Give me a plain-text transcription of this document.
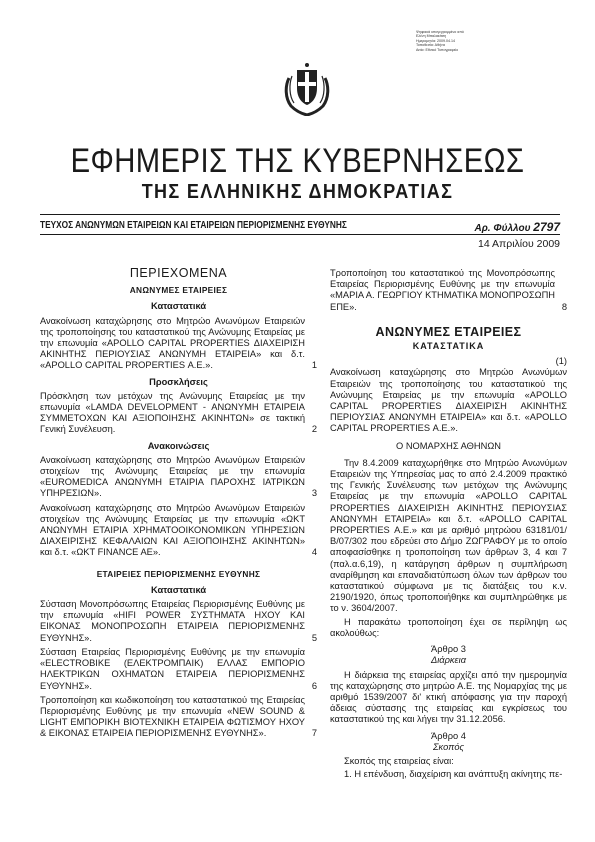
Ψηφιακά υπογεγραμμένο από
Ελένη Μπαλακίτση
Ημερομηνία: 2009.04.14
Τοποθεσία: Αθήνα
Αιτία: Εθνικό Τυπογραφείο
ΕΦΗΜΕΡΙΣ ΤΗΣ ΚΥΒΕΡΝΗΣΕΩΣ
ΤΗΣ ΕΛΛΗΝΙΚΗΣ ΔΗΜΟΚΡΑΤΙΑΣ
ΤΕΥΧΟΣ ΑΝΩΝΥΜΩΝ ΕΤΑΙΡΕΙΩΝ ΚΑΙ ΕΤΑΙΡΕΙΩΝ ΠΕΡΙΟΡΙΣΜΕΝΗΣ ΕΥΘΥΝΗΣ	Αρ. Φύλλου 2797
14 Απριλίου 2009
ΠΕΡΙΕΧΟΜΕΝΑ
ΑΝΩΝΥΜΕΣ ΕΤΑΙΡΕΙΕΣ
Καταστατικά
Ανακοίνωση καταχώρησης στο Μητρώο Ανωνύμων Εταιρειών της τροποποίησης του καταστατικού της Ανώνυμης Εταιρείας με την επωνυμία «APOLLO CAPITAL PROPERTIES ΔΙΑΧΕΙΡΙΣΗ ΑΚΙΝΗΤΗΣ ΠΕΡΙΟΥΣΙΑΣ ΑΝΩΝΥΜΗ ΕΤΑΙΡΕΙΑ» και δ.τ. «APOLLO CAPITAL PROPERTIES Α.Ε.».	1
Προσκλήσεις
Πρόσκληση των μετόχων της Ανώνυμης Εταιρείας με την επωνυμία «LAMDA DEVELOPMENT - ΑΝΩΝΥΜΗ ΕΤΑΙΡΕΙΑ ΣΥΜΜΕΤΟΧΩΝ ΚΑΙ ΑΞΙΟΠΟΙΗΣΗΣ ΑΚΙΝΗΤΩΝ» σε τακτική Γενική Συνέλευση.	2
Ανακοινώσεις
Ανακοίνωση καταχώρησης στο Μητρώο Ανωνύμων Εταιρειών στοιχείων της Ανώνυμης Εταιρείας με την επωνυμία «EUROMEDICA ΑΝΩΝΥΜΗ ΕΤΑΙΡΙΑ ΠΑΡΟΧΗΣ ΙΑΤΡΙΚΩΝ ΥΠΗΡΕΣΙΩΝ».	3
Ανακοίνωση καταχώρησης στο Μητρώο Ανωνύμων Εταιρειών στοιχείων της Ανώνυμης Εταιρείας με την επωνυμία «ΩΚΤ ΑΝΩΝΥΜΗ ΕΤΑΙΡΙΑ ΧΡΗΜΑΤΟΟΙΚΟΝΟΜΙΚΩΝ ΥΠΗΡΕΣΙΩΝ ΔΙΑΧΕΙΡΙΣΗΣ ΚΕΦΑΛΑΙΩΝ ΚΑΙ ΑΞΙΟΠΟΙΗΣΗΣ ΑΚΙΝΗΤΩΝ» και δ.τ. «ΩΚΤ FINANCE AE».	4
ΕΤΑΙΡΕΙΕΣ ΠΕΡΙΟΡΙΣΜΕΝΗΣ ΕΥΘΥΝΗΣ
Καταστατικά
Σύσταση Μονοπρόσωπης Εταιρείας Περιορισμένης Ευθύνης με την επωνυμία «HIFI POWER ΣΥΣΤΗΜΑΤΑ ΗΧΟΥ ΚΑΙ ΕΙΚΟΝΑΣ ΜΟΝΟΠΡΟΣΩΠΗ ΕΤΑΙΡΕΙΑ ΠΕΡΙΟΡΙΣΜΕΝΗΣ ΕΥΘΥΝΗΣ».	5
Σύσταση Εταιρείας Περιορισμένης Ευθύνης με την επωνυμία «ELECTROBIKE (ΕΛΕΚΤΡΟΜΠΑΙΚ) ΕΛΛΑΣ ΕΜΠΟΡΙΟ ΗΛΕΚΤΡΙΚΩΝ ΟΧΗΜΑΤΩΝ ΕΤΑΙΡΕΙΑ ΠΕΡΙΟΡΙΣΜΕΝΗΣ ΕΥΘΥΝΗΣ».	6
Τροποποίηση και κωδικοποίηση του καταστατικού της Εταιρείας Περιορισμένης Ευθύνης με την επωνυμία «NEW SOUND & LIGHT ΕΜΠΟΡΙΚΗ ΒΙΟΤΕΧΝΙΚΗ ΕΤΑΙΡΕΙΑ ΦΩΤΙΣΜΟΥ ΗΧΟΥ & ΕΙΚΟΝΑΣ ΕΤΑΙΡΕΙΑ ΠΕΡΙΟΡΙΣΜΕΝΗΣ ΕΥΘΥΝΗΣ».	7
Τροποποίηση του καταστατικού της Μονοπρόσωπης Εταιρείας Περιορισμένης Ευθύνης με την επωνυμία «ΜΑΡΙΑ Α. ΓΕΩΡΓΙΟΥ ΚΤΗΜΑΤΙΚΑ ΜΟΝΟΠΡΟΣΩΠΗ ΕΠΕ».	8
ΑΝΩΝΥΜΕΣ ΕΤΑΙΡΕΙΕΣ
ΚΑΤΑΣΤΑΤΙΚΑ
(1)
Ανακοίνωση καταχώρησης στο Μητρώο Ανωνύμων Εταιρειών της τροποποίησης του καταστατικού της Ανώνυμης Εταιρείας με την επωνυμία «APOLLO CAPITAL PROPERTIES ΔΙΑΧΕΙΡΙΣΗ ΑΚΙΝΗΤΗΣ ΠΕΡΙΟΥΣΙΑΣ ΑΝΩΝΥΜΗ ΕΤΑΙΡΕΙΑ» και δ.τ. «APOLLO CAPITAL PROPERTIES Α.Ε.».
Ο ΝΟΜΑΡΧΗΣ ΑΘΗΝΩΝ
Την 8.4.2009 καταχωρήθηκε στο Μητρώο Ανωνύμων Εταιρειών της Υπηρεσίας μας το από 2.4.2009 πρακτικό της Γενικής Συνέλευσης των μετόχων της Ανώνυμης Εταιρείας με την επωνυμία «APOLLO CAPITAL PROPERTIES ΔΙΑΧΕΙΡΙΣΗ ΑΚΙΝΗΤΗΣ ΠΕΡΙΟΥΣΙΑΣ ΑΝΩΝΥΜΗ ΕΤΑΙΡΕΙΑ» και δ.τ. «APOLLO CAPITAL PROPERTIES Α.Ε.» και με αριθμό μητρώου 63181/01/Β/07/302 που εδρεύει στο Δήμο ΖΩΓΡΑΦΟΥ με το οποίο αποφασίσθηκε η τροποποίηση των άρθρων 3, 4 και 7 (παλ.α.6,19), η κατάργηση άρθρων η συμπλήρωση αναρίθμηση και επαναδιατύπωση όλων των άρθρων του καταστατικού σύμφωνα με τις διατάξεις του κ.ν. 2190/1920, όπως τροποποιήθηκε και συμπληρώθηκε με το ν. 3604/2007.
Η παρακάτω τροποποίηση έχει σε περίληψη ως ακολούθως:
Άρθρο 3
Διάρκεια
Η διάρκεια της εταιρείας αρχίζει από την ημερομηνία της καταχώρησης στο μητρώο Α.Ε. της Νομαρχίας της με αριθμό 1539/2007 δι' κτική απόφασης για την παροχή άδειας σύστασης της εταιρείας και εγκρίσεως του καταστατικού της και λήγει την 31.12.2056.
Άρθρο 4
Σκοπός
Σκοπός της εταιρείας είναι:
1. Η επένδυση, διαχείριση και ανάπτυξη ακίνητης πε-
